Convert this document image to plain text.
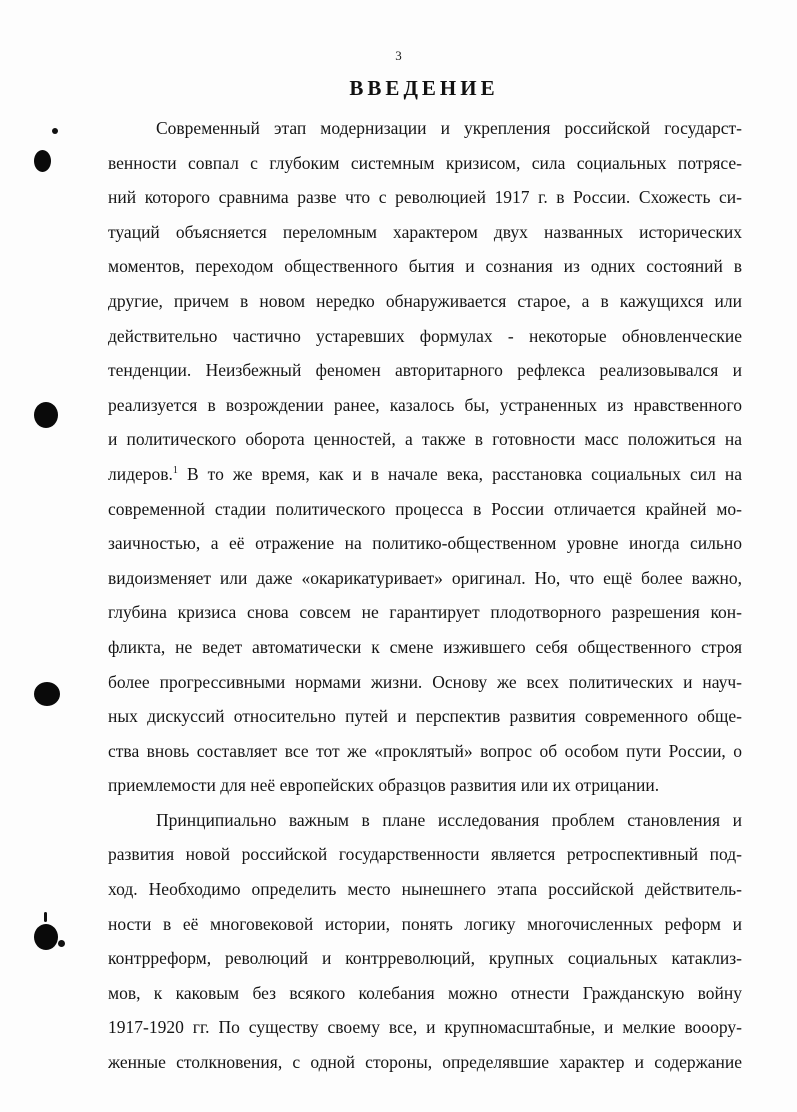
3
ВВЕДЕНИЕ
Современный этап модернизации и укрепления российской государст-
венности совпал с глубоким системным кризисом, сила социальных потрясе-
ний которого сравнима разве что с революцией 1917 г. в России. Схожесть си-
туаций объясняется переломным характером двух названных исторических
моментов, переходом общественного бытия и сознания из одних состояний в
другие, причем в новом нередко обнаруживается старое, а в кажущихся или
действительно частично устаревших формулах - некоторые обновленческие
тенденции. Неизбежный феномен авторитарного рефлекса реализовывался и
реализуется в возрождении ранее, казалось бы, устраненных из нравственного
и политического оборота ценностей, а также в готовности масс положиться на
лидеров.$^1$ В то же время, как и в начале века, расстановка социальных сил на
современной стадии политического процесса в России отличается крайней мо-
заичностью, а её отражение на политико-общественном уровне иногда сильно
видоизменяет или даже «окарикатуривает» оригинал. Но, что ещё более важно,
глубина кризиса снова совсем не гарантирует плодотворного разрешения кон-
фликта, не ведет автоматически к смене изжившего себя общественного строя
более прогрессивными нормами жизни. Основу же всех политических и науч-
ных дискуссий относительно путей и перспектив развития современного обще-
ства вновь составляет все тот же «проклятый» вопрос об особом пути России, о
приемлемости для неё европейских образцов развития или их отрицании.
Принципиально важным в плане исследования проблем становления и
развития новой российской государственности является ретроспективный под-
ход. Необходимо определить место нынешнего этапа российской действитель-
ности в её многовековой истории, понять логику многочисленных реформ и
контрреформ, революций и контрреволюций, крупных социальных катаклиз-
мов, к каковым без всякого колебания можно отнести Гражданскую войну
1917-1920 гг. По существу своему все, и крупномасштабные, и мелкие вооору-
женные столкновения, с одной стороны, определявшие характер и содержание
